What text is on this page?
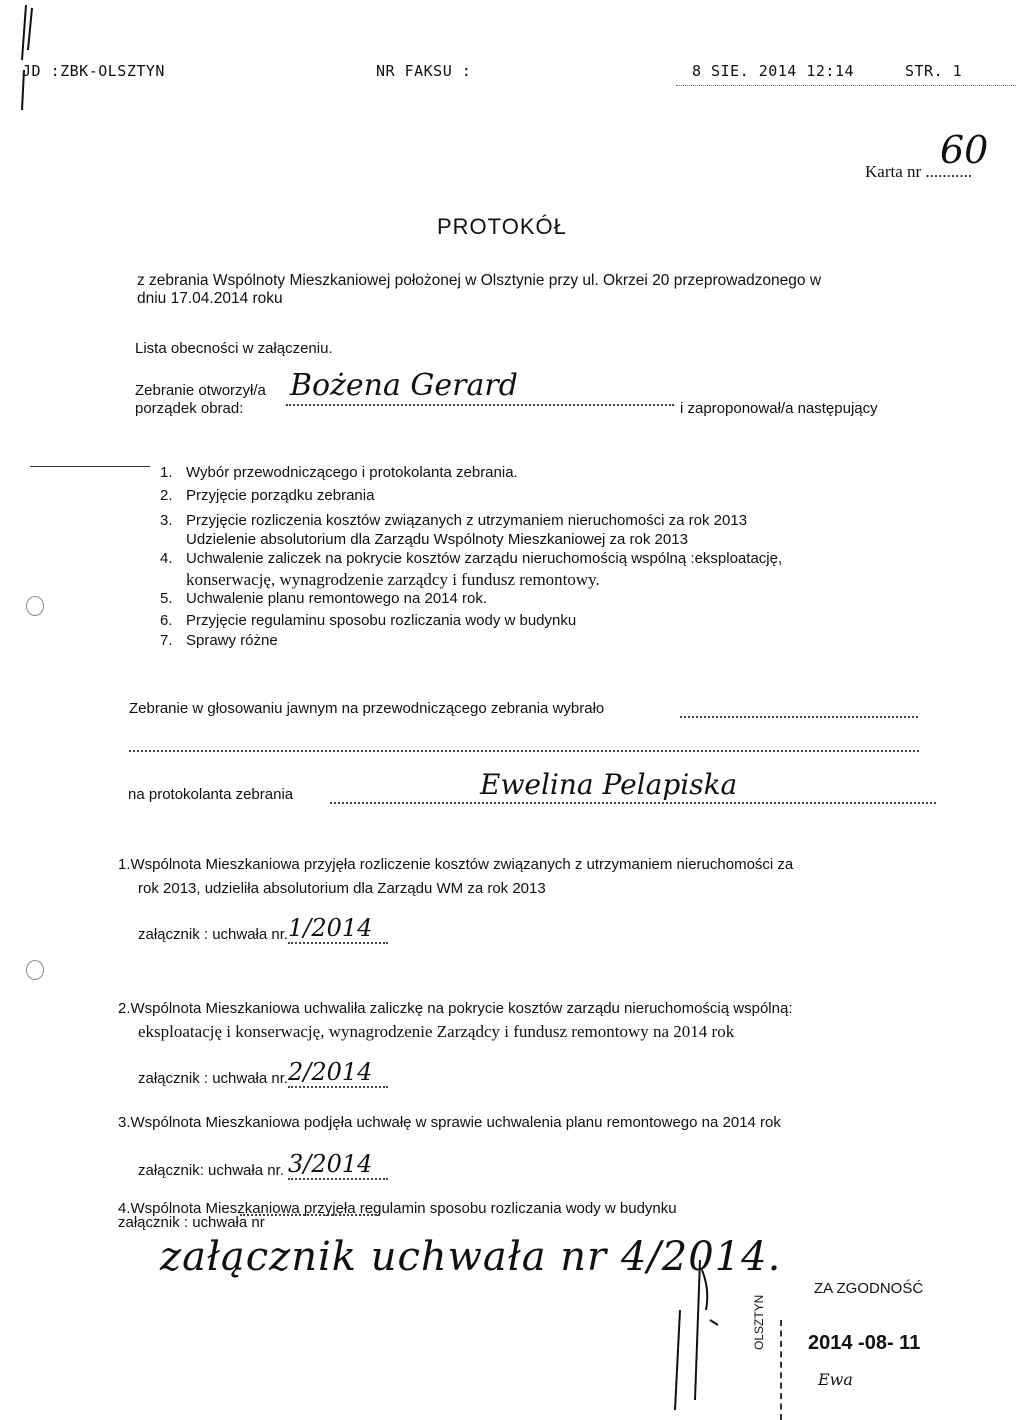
JD :ZBK-OLSZTYN	NR FAKSU :	8 SIE. 2014 12:14	STR. 1
60
Karta nr ...........
PROTOKÓŁ
z zebrania Wspólnoty Mieszkaniowej położonej w Olsztynie przy ul. Okrzei 20 przeprowadzonego w
dniu 17.04.2014 roku
Lista obecności w załączeniu.
Zebranie otworzył/a
porządek obrad:
Bożena Gerard
i zaproponował/a następujący
1. Wybór przewodniczącego i protokolanta zebrania.
2. Przyjęcie porządku zebrania
3. Przyjęcie rozliczenia kosztów związanych z utrzymaniem nieruchomości za rok 2013
Udzielenie absolutorium dla Zarządu Wspólnoty Mieszkaniowej za rok 2013
4. Uchwalenie zaliczek na pokrycie kosztów zarządu nieruchomością wspólną :eksploatację,
konserwację, wynagrodzenie zarządcy i fundusz remontowy.
5. Uchwalenie planu remontowego na 2014 rok.
6. Przyjęcie regulaminu sposobu rozliczania wody w budynku
7. Sprawy różne
Zebranie w głosowaniu jawnym na przewodniczącego zebrania wybrało
na protokolanta zebrania	Ewelina Pelapiska
1.Wspólnota Mieszkaniowa przyjęła rozliczenie kosztów związanych z utrzymaniem nieruchomości za
rok 2013, udzieliła absolutorium dla Zarządu WM za rok 2013
załącznik : uchwała nr. 1/2014
2.Wspólnota Mieszkaniowa uchwaliła zaliczkę na pokrycie kosztów zarządu nieruchomością wspólną:
eksploatację i konserwację, wynagrodzenie Zarządcy i fundusz remontowy na 2014 rok
załącznik : uchwała nr. 2/2014
3.Wspólnota Mieszkaniowa podjęła uchwałę w sprawie uchwalenia planu remontowego na 2014 rok
załącznik: uchwała nr. 3/2014
4.Wspólnota Mieszkaniowa przyjęła regulamin sposobu rozliczania wody w budynku
załącznik : uchwała nr
załącznik uchwała nr 4/2014.
ZA ZGODNOŚĆ
OLSZTYN 2014 -08- 11
Ewa
